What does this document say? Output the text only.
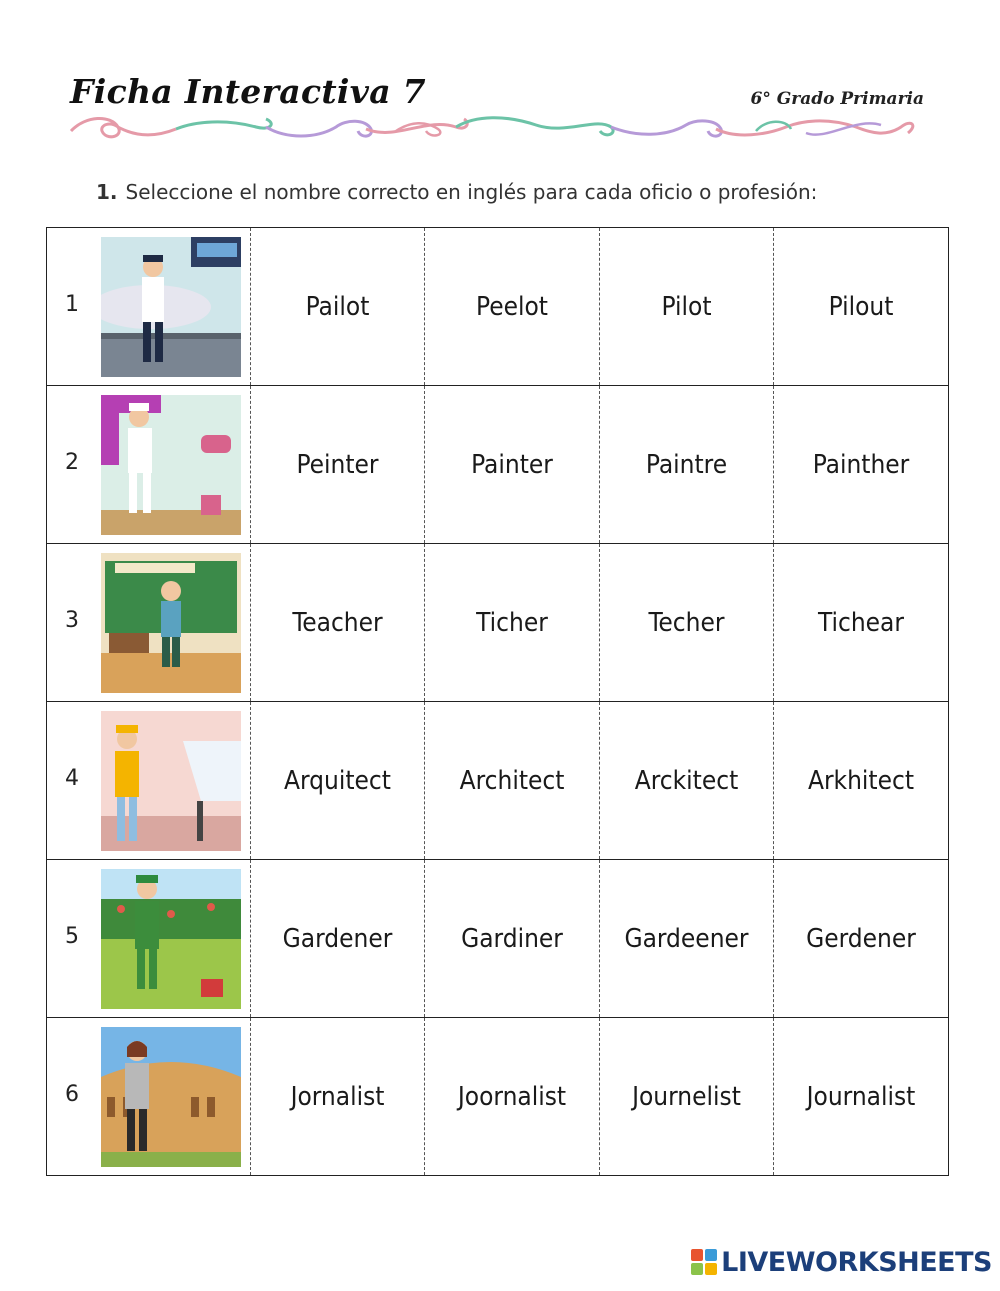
Ficha Interactiva 7	6° Grado Primaria
1. Seleccione el nombre correcto en inglés para cada oficio o profesión:
1	Pailot	Peelot	Pilot	Pilout
2	Peinter	Painter	Paintre	Painther
3	Teacher	Ticher	Techer	Tichear
4	Arquitect	Architect	Arckitect	Arkhitect
5	Gardener	Gardiner	Gardeener	Gerdener
6	Jornalist	Joornalist	Journelist	Journalist
LIVEWORKSHEETS
